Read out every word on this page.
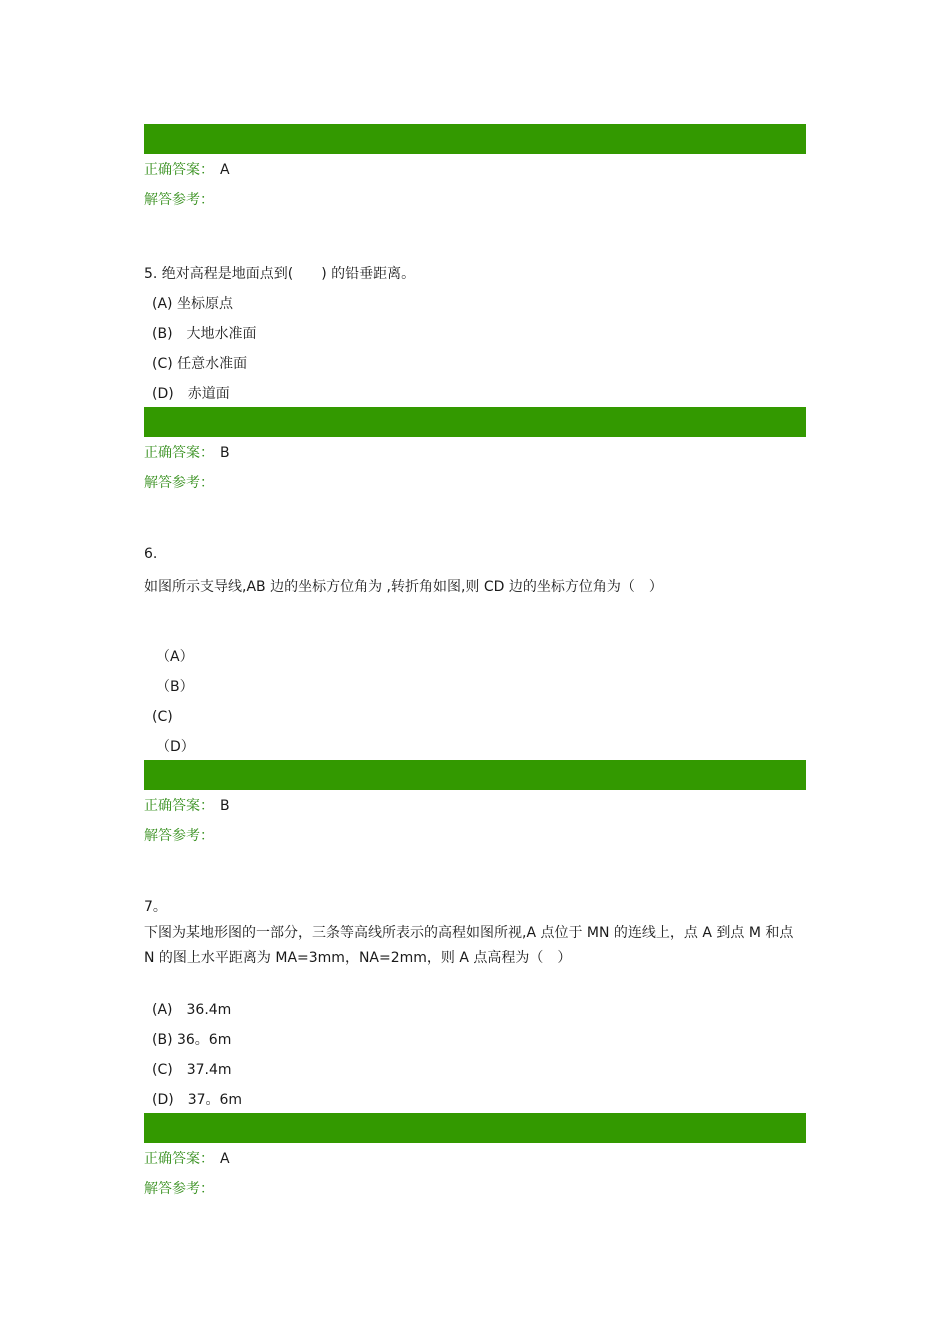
正确答案： A
解答参考：
5. 绝对高程是地面点到(　　) 的铅垂距离。
(A) 坐标原点
(B)　大地水准面
(C) 任意水准面
(D)　赤道面
正确答案： B
解答参考：
6.
如图所示支导线,AB 边的坐标方位角为 ,转折角如图,则 CD 边的坐标方位角为（　）
（A）
（B）
(C)
（D）
正确答案： B
解答参考：
7。
下图为某地形图的一部分，三条等高线所表示的高程如图所视,A 点位于 MN 的连线上，点 A 到点 M 和点
N 的图上水平距离为 MA=3mm，NA=2mm，则 A 点高程为（　）
(A)　36.4m
(B) 36。6m
(C)　37.4m
(D)　37。6m
正确答案： A
解答参考：
